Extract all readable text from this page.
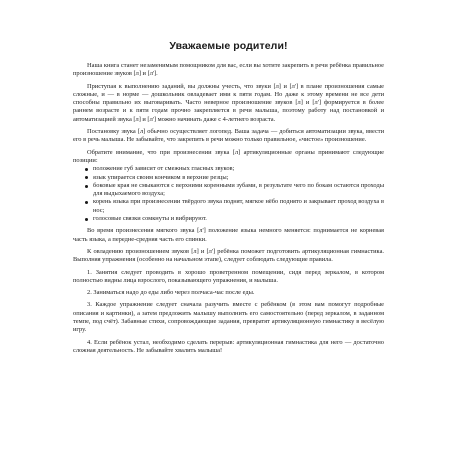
Уважаемые родители!

Наша книга станет незаменимым помощником для вас, если вы хотите закрепить в речи ребёнка правильное произношение звуков [л] и [л'].

Приступая к выполнению заданий, вы должны учесть, что звуки [л] и [л'] в плане произношения самые сложные, и — в норме — дошкольник овладевает ими к пяти годам. Но даже к этому времени не все дети способны правильно их выговаривать. Часто неверное произношение звуков [л] и [л'] формируется в более раннем возрасте и к пяти годам прочно закрепляется в речи малыша, поэтому работу над постановкой и автоматизацией звука [л] и [л'] можно начинать даже с 4-летнего возраста.

Постановку звука [л] обычно осуществляет логопед. Ваша задача — добиться автоматизации звука, ввести его в речь малыша. Не забывайте, что закрепить в речи можно только правильное, «чистое» произношение.

Обратите внимание, что при произнесении звука [л] артикуляционные органы принимают следующие позиции:

положение губ зависит от смежных гласных звуков;
язык упирается своим кончиком в верхние резцы;
боковые края не смыкаются с верхними коренными зубами, в результате чего по бокам остаются проходы для выдыхаемого воздуха;
корень языка при произнесении твёрдого звука поднят, мягкое нёбо поднято и закрывает проход воздуха в нос;
голосовые связки сомкнуты и вибрируют.

Во время произнесения мягкого звука [л'] положение языка немного меняется: поднимается не корневая часть языка, а передне-средняя часть его спинки.

К овладению произношением звуков [л] и [л'] ребёнка поможет подготовить артикуляционная гимнастика. Выполняя упражнения (особенно на начальном этапе), следует соблюдать следующие правила.

1. Занятия следует проводить в хорошо проветренном помещении, сидя перед зеркалом, в котором полностью видны лица взрослого, показывающего упражнения, и малыша.

2. Заниматься надо до еды либо через полчаса-час после еды.

3. Каждое упражнение следует сначала разучить вместе с ребёнком (в этом вам помогут подробные описания и картинки), а затем предложить малышу выполнить его самостоятельно (перед зеркалом, в заданном темпе, под счёт). Забавные стихи, сопровождающие задания, превратят артикуляционную гимнастику в весёлую игру.

4. Если ребёнок устал, необходимо сделать перерыв: артикуляционная гимнастика для него — достаточно сложная деятельность. Не забывайте хвалить малыша!
